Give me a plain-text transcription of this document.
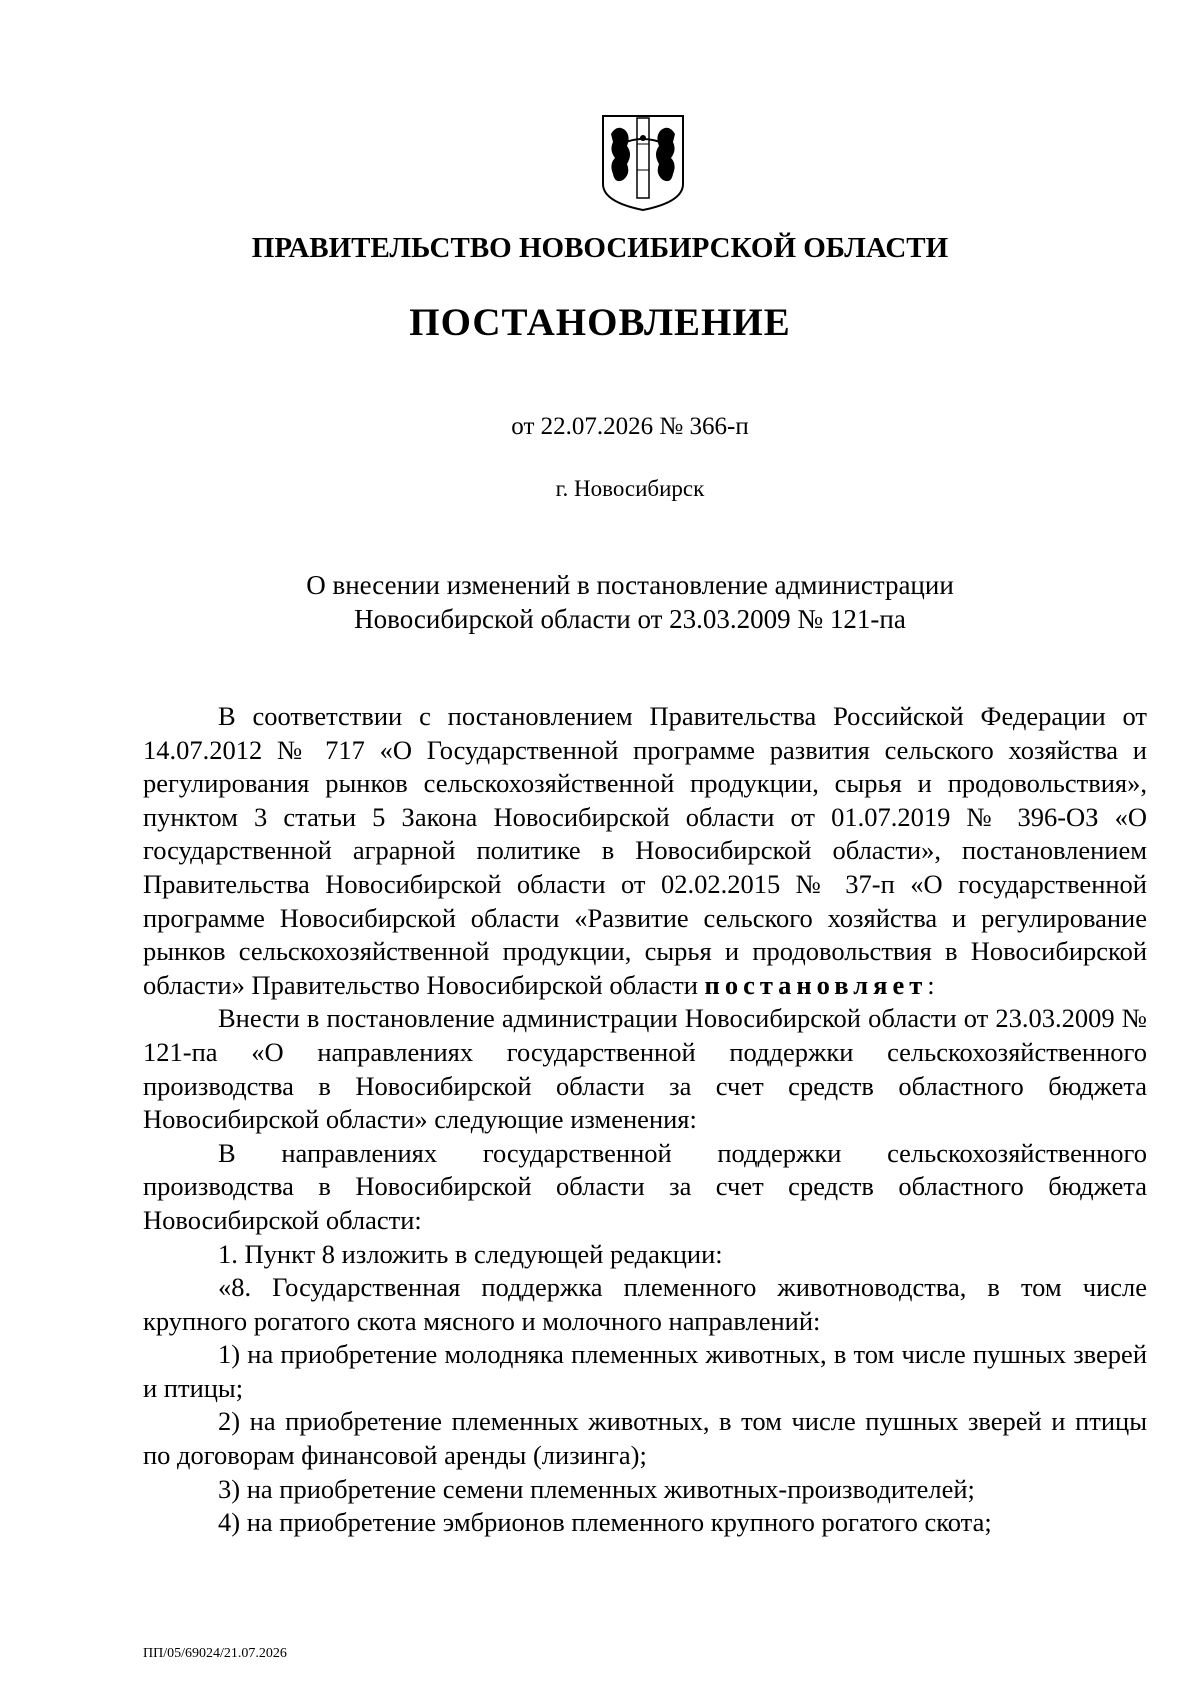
ПРАВИТЕЛЬСТВО НОВОСИБИРСКОЙ ОБЛАСТИ
ПОСТАНОВЛЕНИЕ
от 22.07.2026 № 366-п
г. Новосибирск
О внесении изменений в постановление администрации
Новосибирской области от 23.03.2009 № 121-па

В соответствии с постановлением Правительства Российской Федерации от 14.07.2012 № 717 «О Государственной программе развития сельского хозяйства и регулирования рынков сельскохозяйственной продукции, сырья и продовольствия», пунктом 3 статьи 5 Закона Новосибирской области от 01.07.2019 № 396-ОЗ «О государственной аграрной политике в Новосибирской области», постановлением Правительства Новосибирской области от 02.02.2015 № 37-п «О государственной программе Новосибирской области «Развитие сельского хозяйства и регулирование рынков сельскохозяйственной продукции, сырья и продовольствия в Новосибирской области» Правительство Новосибирской области постановляет:

Внести в постановление администрации Новосибирской области от 23.03.2009 № 121-па «О направлениях государственной поддержки сельскохозяйственного производства в Новосибирской области за счет средств областного бюджета Новосибирской области» следующие изменения:

В направлениях государственной поддержки сельскохозяйственного производства в Новосибирской области за счет средств областного бюджета Новосибирской области:

1. Пункт 8 изложить в следующей редакции:

«8. Государственная поддержка племенного животноводства, в том числе крупного рогатого скота мясного и молочного направлений:

1) на приобретение молодняка племенных животных, в том числе пушных зверей и птицы;

2) на приобретение племенных животных, в том числе пушных зверей и птицы по договорам финансовой аренды (лизинга);

3) на приобретение семени племенных животных-производителей;

4) на приобретение эмбрионов племенного крупного рогатого скота;

ПП/05/69024/21.07.2026
